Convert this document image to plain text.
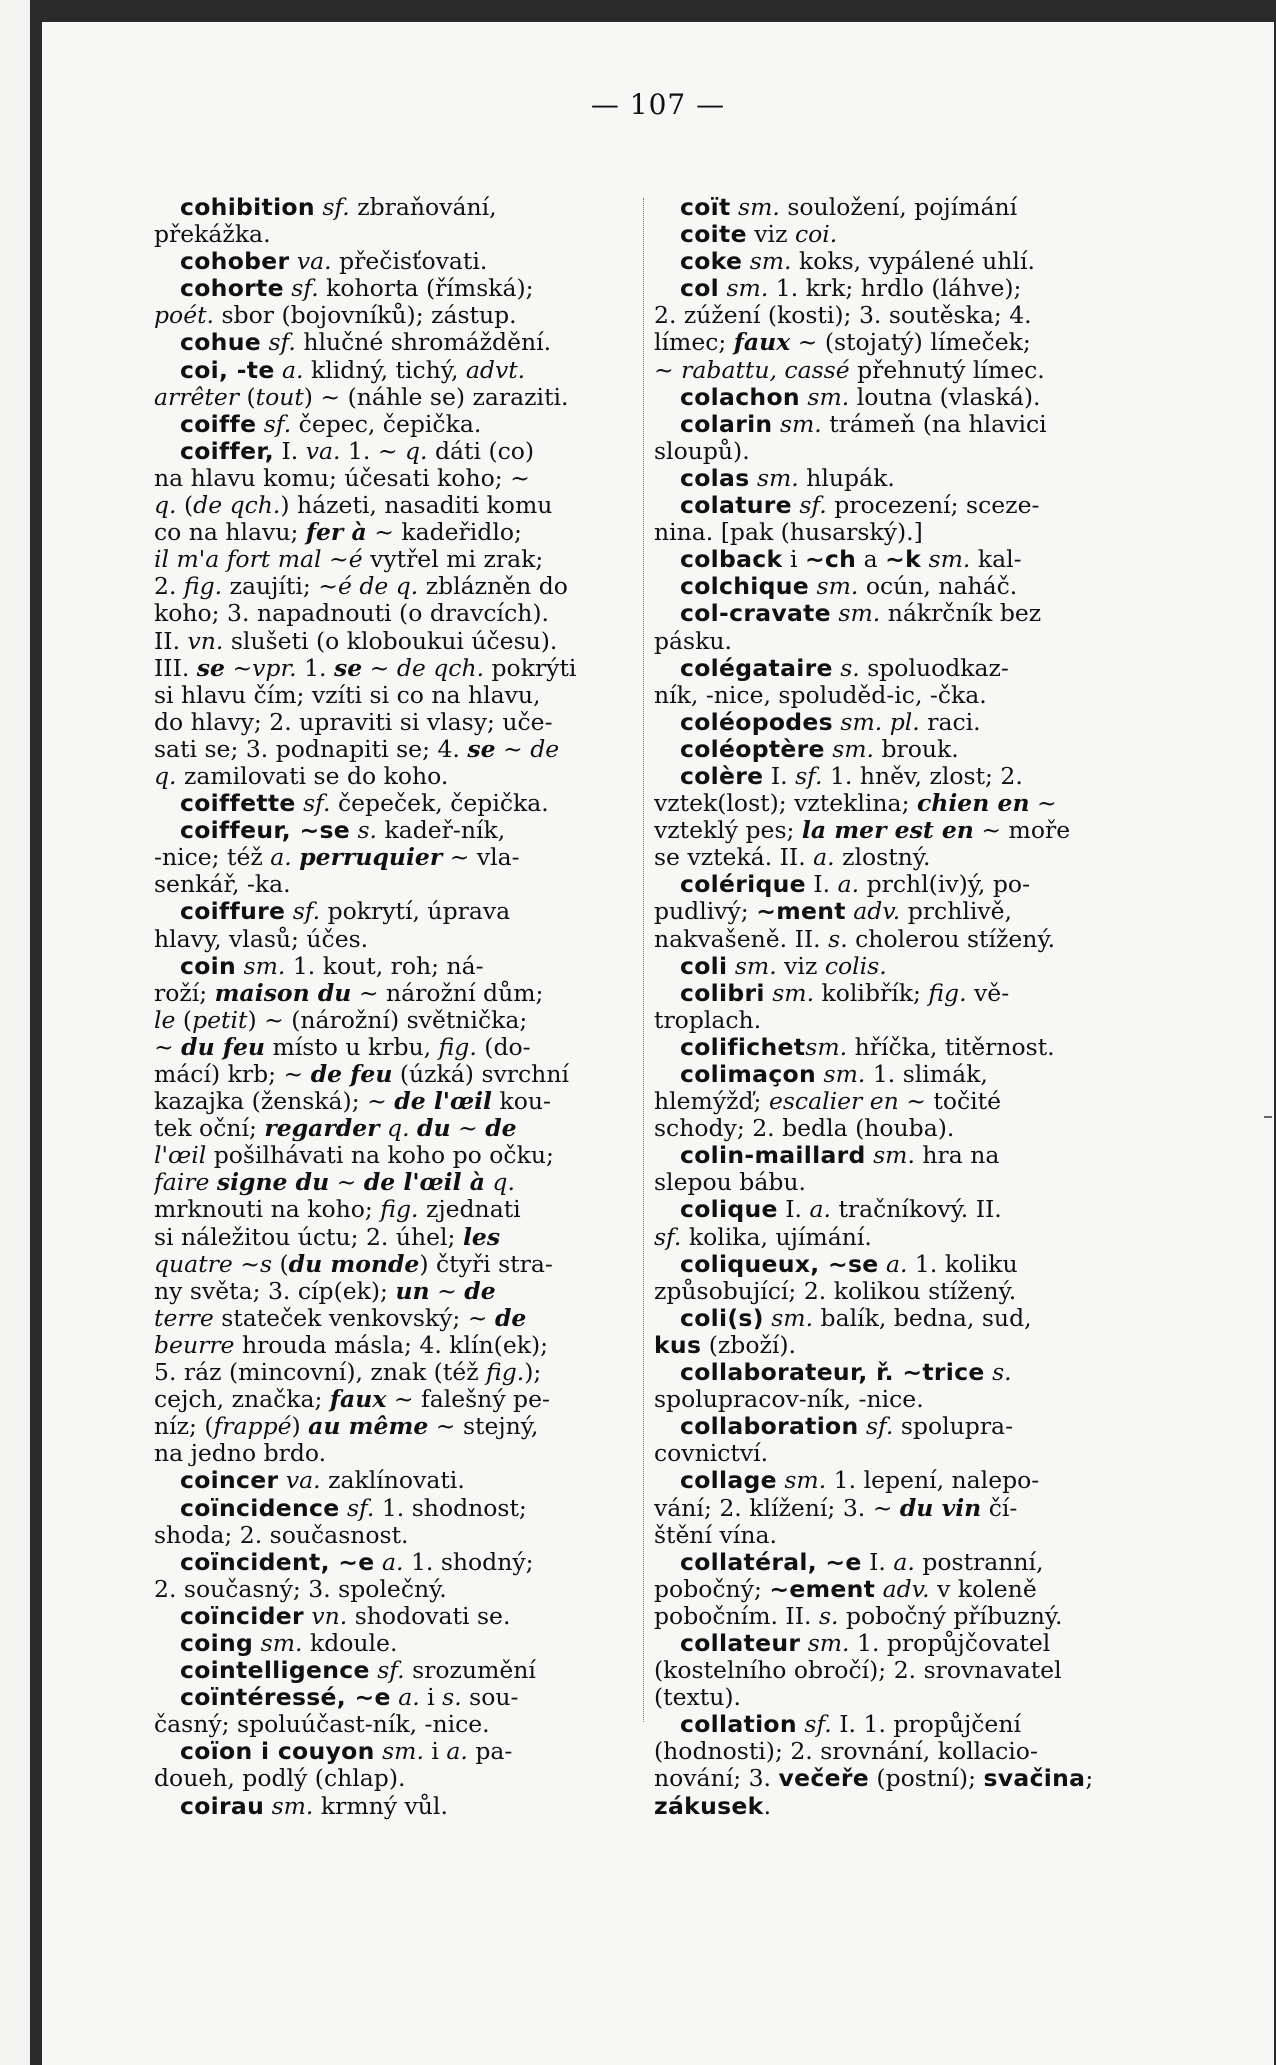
— 107 —
cohibition sf. zbraňování,
překážka.
cohober va. přečisťovati.
cohorte sf. kohorta (římská);
poét. sbor (bojovníků); zástup.
cohue sf. hlučné shromáždění.
coi, -te a. klidný, tichý, advt.
arrêter (tout) ~ (náhle se) zaraziti.
coiffe sf. čepec, čepička.
coiffer, I. va. 1. ~ q. dáti (co)
na hlavu komu; účesati koho; ~
q. (de qch.) házeti, nasaditi komu
co na hlavu; fer à ~ kadeřidlo;
il m'a fort mal ~é vytřel mi zrak;
2. fig. zaujíti; ~é de q. zblázněn do
koho; 3. napadnouti (o dravcích).
II. vn. slušeti (o kloboukui účesu).
III. se ~vpr. 1. se ~ de qch. pokrýti
si hlavu čím; vzíti si co na hlavu,
do hlavy; 2. upraviti si vlasy; uče-
sati se; 3. podnapiti se; 4. se ~ de
q. zamilovati se do koho.
coiffette sf. čepeček, čepička.
coiffeur, ~se s. kadeř-ník,
-nice; též a. perruquier ~ vla-
senkář, -ka.
coiffure sf. pokrytí, úprava
hlavy, vlasů; účes.
coin sm. 1. kout, roh; ná-
roží; maison du ~ nárožní dům;
le (petit) ~ (nárožní) světnička;
~ du feu místo u krbu, fig. (do-
mácí) krb; ~ de feu (úzká) svrchní
kazajka (ženská); ~ de l'œil kou-
tek oční; regarder q. du ~ de
l'œil pošilhávati na koho po očku;
faire signe du ~ de l'œil à q.
mrknouti na koho; fig. zjednati
si náležitou úctu; 2. úhel; les
quatre ~s (du monde) čtyři stra-
ny světa; 3. cíp(ek); un ~ de
terre stateček venkovský; ~ de
beurre hrouda másla; 4. klín(ek);
5. ráz (mincovní), znak (též fig.);
cejch, značka; faux ~ falešný pe-
níz; (frappé) au même ~ stejný,
na jedno brdo.
coincer va. zaklínovati.
coïncidence sf. 1. shodnost;
shoda; 2. současnost.
coïncident, ~e a. 1. shodný;
2. současný; 3. společný.
coïncider vn. shodovati se.
coing sm. kdoule.
cointelligence sf. srozumění
coïntéressé, ~e a. i s. sou-
časný; spoluúčast-ník, -nice.
coïon i couyon sm. i a. pa-
doueh, podlý (chlap).
coirau sm. krmný vůl.
coït sm. souložení, pojímání
coite viz coi.
coke sm. koks, vypálené uhlí.
col sm. 1. krk; hrdlo (láhve);
2. zúžení (kosti); 3. soutěska; 4.
límec; faux ~ (stojatý) límeček;
~ rabattu, cassé přehnutý límec.
colachon sm. loutna (vlaská).
colarin sm. trámeň (na hlavici
sloupů).
colas sm. hlupák.
colature sf. procezení; sceze-
nina. [pak (husarský).]
colback i ~ch a ~k sm. kal-
colchique sm. ocún, naháč.
col-cravate sm. nákrčník bez
pásku.
colégataire s. spoluodkaz-
ník, -nice, spoluděd-ic, -čka.
coléopodes sm. pl. raci.
coléoptère sm. brouk.
colère I. sf. 1. hněv, zlost; 2.
vztek(lost); vzteklina; chien en ~
vzteklý pes; la mer est en ~ moře
se vzteká. II. a. zlostný.
colérique I. a. prchl(iv)ý, po-
pudlivý; ~ment adv. prchlivě,
nakvašeně. II. s. cholerou stížený.
coli sm. viz colis.
colibri sm. kolibřík; fig. vě-
troplach.
colifichetsm. hříčka, titěrnost.
colimaçon sm. 1. slimák,
hlemýžď; escalier en ~ točité
schody; 2. bedla (houba).
colin-maillard sm. hra na
slepou bábu.
colique I. a. tračníkový. II.
sf. kolika, ujímání.
coliqueux, ~se a. 1. koliku
způsobující; 2. kolikou stížený.
coli(s) sm. balík, bedna, sud,
kus (zboží).
collaborateur, ř. ~trice s.
spolupracov-ník, -nice.
collaboration sf. spolupra-
covnictví.
collage sm. 1. lepení, nalepo-
vání; 2. klížení; 3. ~ du vin čí-
štění vína.
collatéral, ~e I. a. postranní,
pobočný; ~ement adv. v koleně
pobočním. II. s. pobočný příbuzný.
collateur sm. 1. propůjčovatel
(kostelního obročí); 2. srovnavatel
(textu).
collation sf. I. 1. propůjčení
(hodnosti); 2. srovnání, kollacio-
nování; 3. večeře (postní); svačina;
zákusek.
